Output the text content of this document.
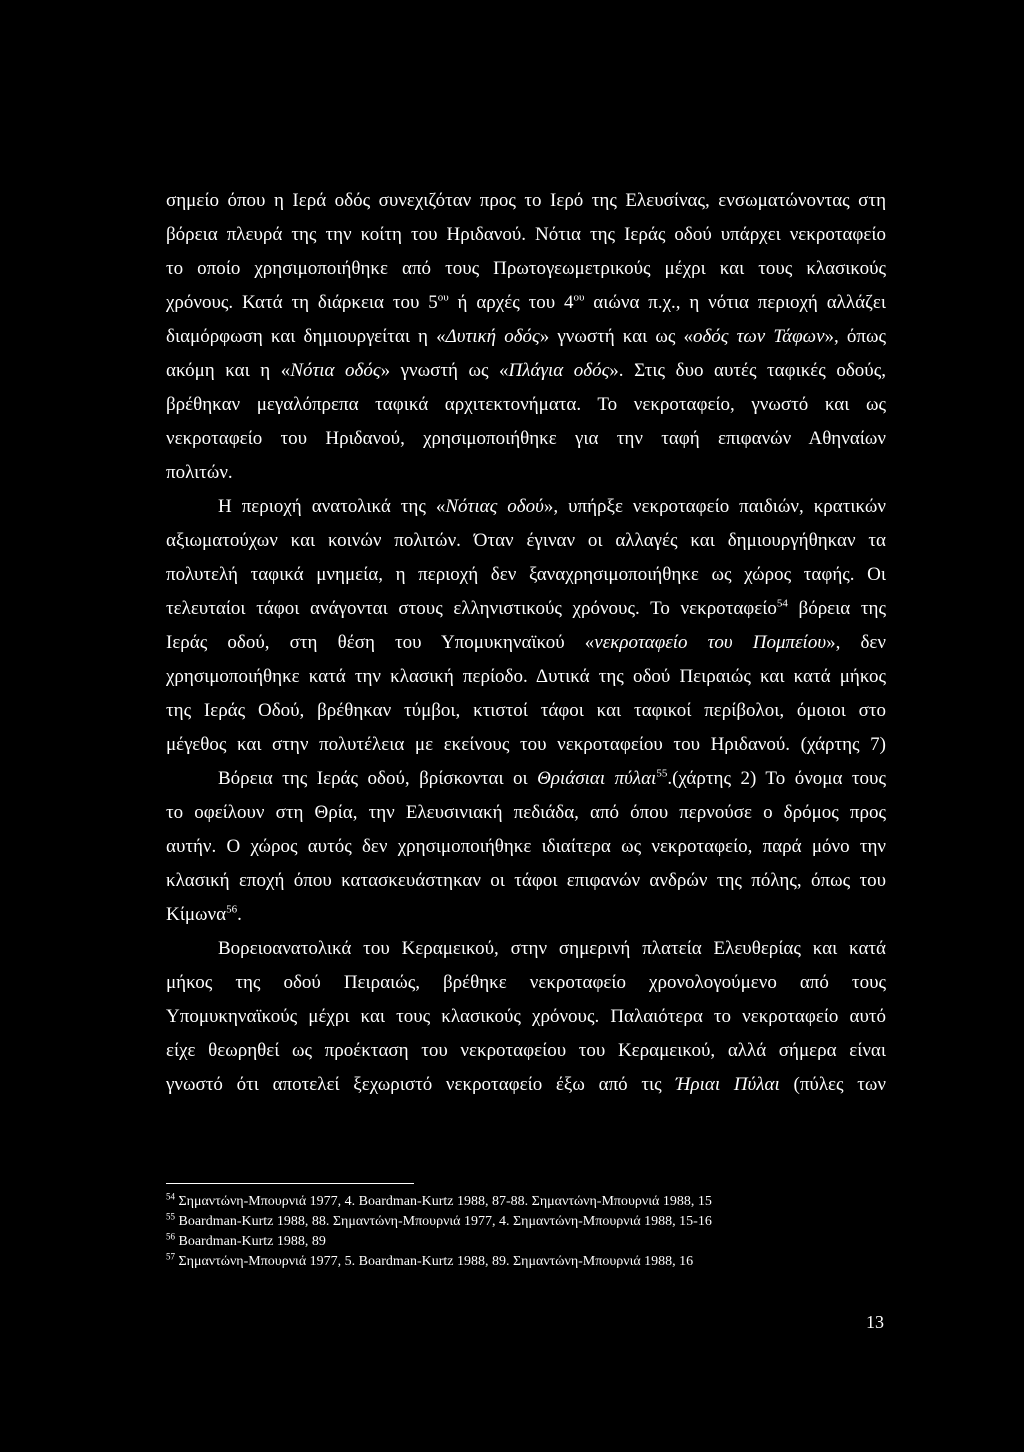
σημείο όπου η Ιερά οδός συνεχιζόταν προς το Ιερό της Ελευσίνας, ενσωματώνοντας στη
βόρεια πλευρά της την κοίτη του Ηριδανού. Νότια της Ιεράς οδού υπάρχει νεκροταφείο
το οποίο χρησιμοποιήθηκε από τους Πρωτογεωμετρικούς μέχρι και τους κλασικούς
χρόνους. Κατά τη διάρκεια του $5^{o\upsilon}$ ή αρχές του $4^{o\upsilon}$ αιώνα π.χ., η νότια περιοχή αλλάζει
διαμόρφωση και δημιουργείται η «Δυτική οδός» γνωστή και ως «οδός των Τάφων», όπως
ακόμη και η «Νότια οδός» γνωστή ως «Πλάγια οδός». Στις δυο αυτές ταφικές οδούς,
βρέθηκαν μεγαλόπρεπα ταφικά αρχιτεκτονήματα. Το νεκροταφείο, γνωστό και ως
νεκροταφείο του Ηριδανού, χρησιμοποιήθηκε για την ταφή επιφανών Αθηναίων
πολιτών.
Η περιοχή ανατολικά της «Νότιας οδού», υπήρξε νεκροταφείο παιδιών, κρατικών
αξιωματούχων και κοινών πολιτών. Όταν έγιναν οι αλλαγές και δημιουργήθηκαν τα
πολυτελή ταφικά μνημεία, η περιοχή δεν ξαναχρησιμοποιήθηκε ως χώρος ταφής. Οι
τελευταίοι τάφοι ανάγονται στους ελληνιστικούς χρόνους. Το νεκροταφείο$^{54}$ βόρεια της
Ιεράς οδού, στη θέση του Υπομυκηναϊκού «νεκροταφείο του Πομπείου», δεν
χρησιμοποιήθηκε κατά την κλασική περίοδο. Δυτικά της οδού Πειραιώς και κατά μήκος
της Ιεράς Οδού, βρέθηκαν τύμβοι, κτιστοί τάφοι και ταφικοί περίβολοι, όμοιοι στο
μέγεθος και στην πολυτέλεια με εκείνους του νεκροταφείου του Ηριδανού. (χάρτης 7)
Βόρεια της Ιεράς οδού, βρίσκονται οι Θριάσιαι πύλαι$^{55}$.(χάρτης 2) Το όνομα τους
το οφείλουν στη Θρία, την Ελευσινιακή πεδιάδα, από όπου περνούσε ο δρόμος προς
αυτήν. Ο χώρος αυτός δεν χρησιμοποιήθηκε ιδιαίτερα ως νεκροταφείο, παρά μόνο την
κλασική εποχή όπου κατασκευάστηκαν οι τάφοι επιφανών ανδρών της πόλης, όπως του
Κίμωνα$^{56}$.
Βορειοανατολικά του Κεραμεικού, στην σημερινή πλατεία Ελευθερίας και κατά
μήκος της οδού Πειραιώς, βρέθηκε νεκροταφείο χρονολογούμενο από τους
Υπομυκηναϊκούς μέχρι και τους κλασικούς χρόνους. Παλαιότερα το νεκροταφείο αυτό
είχε θεωρηθεί ως προέκταση του νεκροταφείου του Κεραμεικού, αλλά σήμερα είναι
γνωστό ότι αποτελεί ξεχωριστό νεκροταφείο έξω από τις Ήριαι Πύλαι (πύλες των
$^{54}$ Σημαντώνη-Μπουρνιά 1977, 4. Boardman-Kurtz 1988, 87-88. Σημαντώνη-Μπουρνιά 1988, 15
$^{55}$ Boardman-Kurtz 1988, 88. Σημαντώνη-Μπουρνιά 1977, 4. Σημαντώνη-Μπουρνιά 1988, 15-16
$^{56}$ Boardman-Kurtz 1988, 89
$^{57}$ Σημαντώνη-Μπουρνιά 1977, 5. Boardman-Kurtz 1988, 89. Σημαντώνη-Μπουρνιά 1988, 16
13
